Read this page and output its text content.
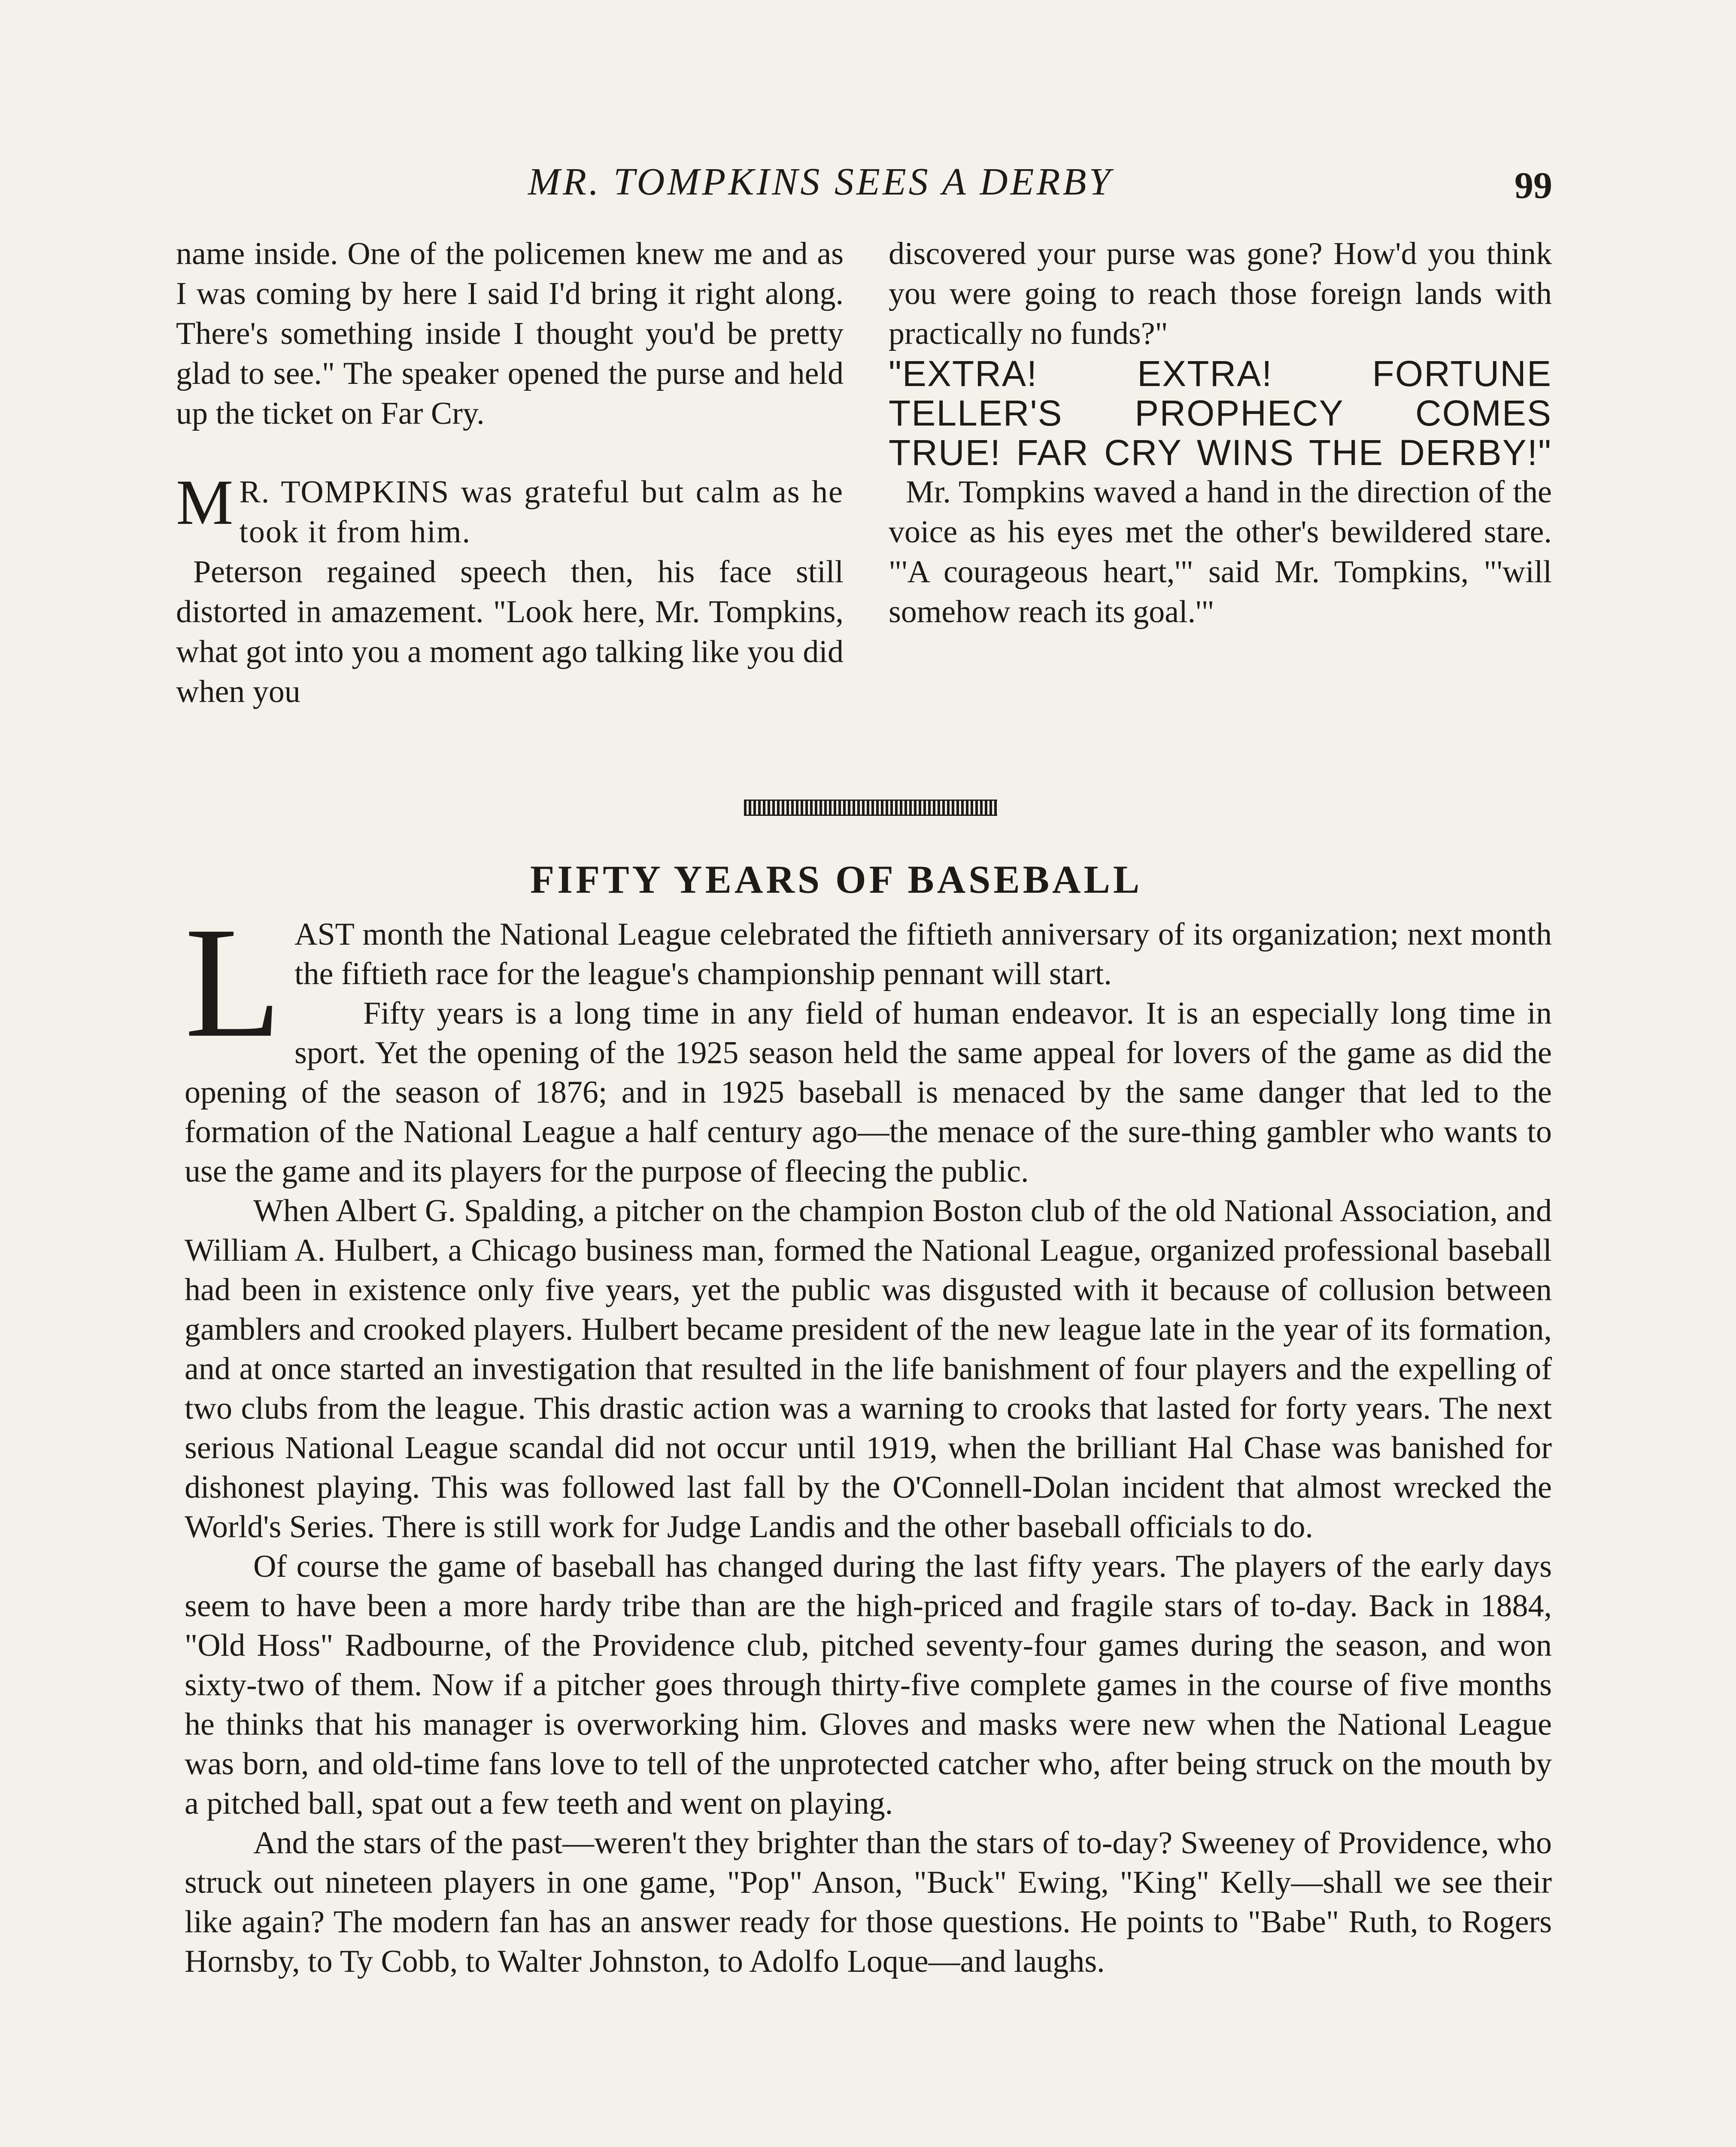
MR. TOMPKINS SEES A DERBY	99

name inside. One of the policemen knew me and as I was coming by here I said I'd bring it right along. There's something inside I thought you'd be pretty glad to see." The speaker opened the purse and held up the ticket on Far Cry.

M R. TOMPKINS was grateful but calm as he took it from him.

Peterson regained speech then, his face still distorted in amazement. "Look here, Mr. Tompkins, what got into you a moment ago talking like you did when you

discovered your purse was gone? How'd you think you were going to reach those foreign lands with practically no funds?"

"EXTRA! EXTRA! FORTUNE TELLER'S PROPHECY COMES TRUE! FAR CRY WINS THE DERBY!"

Mr. Tompkins waved a hand in the direction of the voice as his eyes met the other's bewildered stare. "'A courageous heart,'" said Mr. Tompkins, "'will somehow reach its goal.'"

FIFTY YEARS OF BASEBALL

LAST month the National League celebrated the fiftieth anniversary of its organization; next month the fiftieth race for the league's championship pennant will start.

Fifty years is a long time in any field of human endeavor. It is an especially long time in sport. Yet the opening of the 1925 season held the same appeal for lovers of the game as did the opening of the season of 1876; and in 1925 baseball is menaced by the same danger that led to the formation of the National League a half century ago—the menace of the sure-thing gambler who wants to use the game and its players for the purpose of fleecing the public.

When Albert G. Spalding, a pitcher on the champion Boston club of the old National Association, and William A. Hulbert, a Chicago business man, formed the National League, organized professional baseball had been in existence only five years, yet the public was disgusted with it because of collusion between gamblers and crooked players. Hulbert became president of the new league late in the year of its formation, and at once started an investigation that resulted in the life banishment of four players and the expelling of two clubs from the league. This drastic action was a warning to crooks that lasted for forty years. The next serious National League scandal did not occur until 1919, when the brilliant Hal Chase was banished for dishonest playing. This was followed last fall by the O'Connell-Dolan incident that almost wrecked the World's Series. There is still work for Judge Landis and the other baseball officials to do.

Of course the game of baseball has changed during the last fifty years. The players of the early days seem to have been a more hardy tribe than are the high-priced and fragile stars of to-day. Back in 1884, "Old Hoss" Radbourne, of the Providence club, pitched seventy-four games during the season, and won sixty-two of them. Now if a pitcher goes through thirty-five complete games in the course of five months he thinks that his manager is overworking him. Gloves and masks were new when the National League was born, and old-time fans love to tell of the unprotected catcher who, after being struck on the mouth by a pitched ball, spat out a few teeth and went on playing.

And the stars of the past—weren't they brighter than the stars of to-day? Sweeney of Providence, who struck out nineteen players in one game, "Pop" Anson, "Buck" Ewing, "King" Kelly—shall we see their like again? The modern fan has an answer ready for those questions. He points to "Babe" Ruth, to Rogers Hornsby, to Ty Cobb, to Walter Johnston, to Adolfo Loque—and laughs.
